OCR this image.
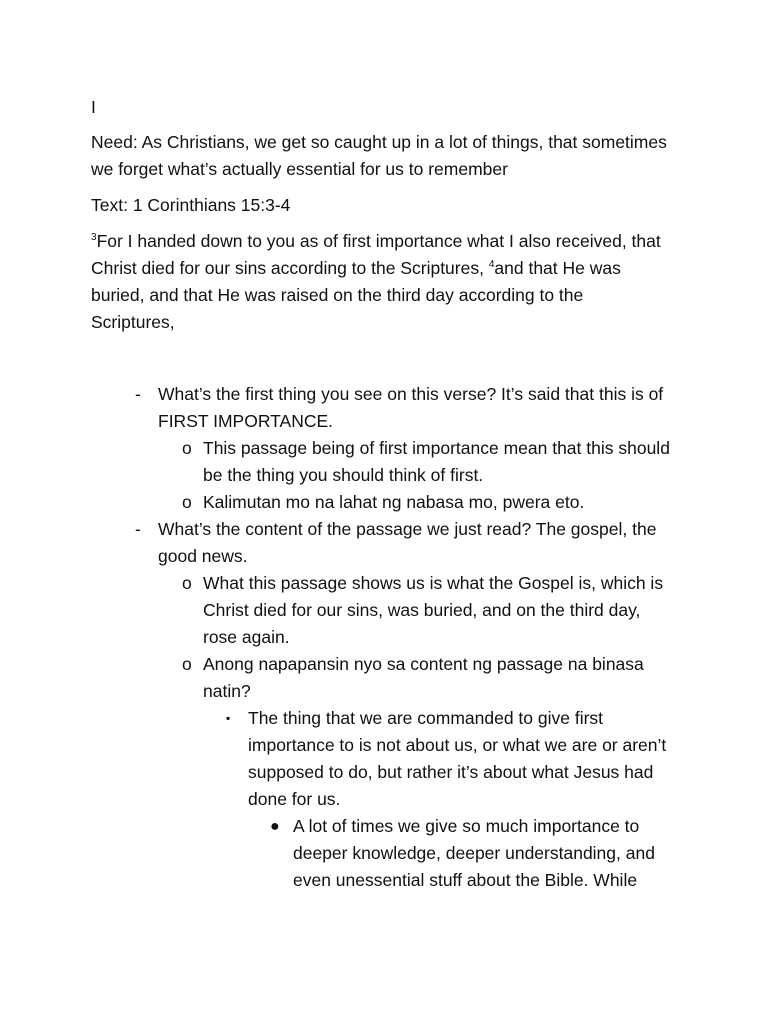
I

Need: As Christians, we get so caught up in a lot of things, that sometimes we forget what’s actually essential for us to remember

Text: 1 Corinthians 15:3-4

$^3$For I handed down to you as of first importance what I also received, that Christ died for our sins according to the Scriptures, $^4$and that He was buried, and that He was raised on the third day according to the Scriptures,

- What’s the first thing you see on this verse? It’s said that this is of FIRST IMPORTANCE.
o This passage being of first importance mean that this should be the thing you should think of first.
o Kalimutan mo na lahat ng nabasa mo, pwera eto.
- What’s the content of the passage we just read? The gospel, the good news.
o What this passage shows us is what the Gospel is, which is Christ died for our sins, was buried, and on the third day, rose again.
o Anong napapansin nyo sa content ng passage na binasa natin?
▪ The thing that we are commanded to give first importance to is not about us, or what we are or aren’t supposed to do, but rather it’s about what Jesus had done for us.
● A lot of times we give so much importance to deeper knowledge, deeper understanding, and even unessential stuff about the Bible. While
